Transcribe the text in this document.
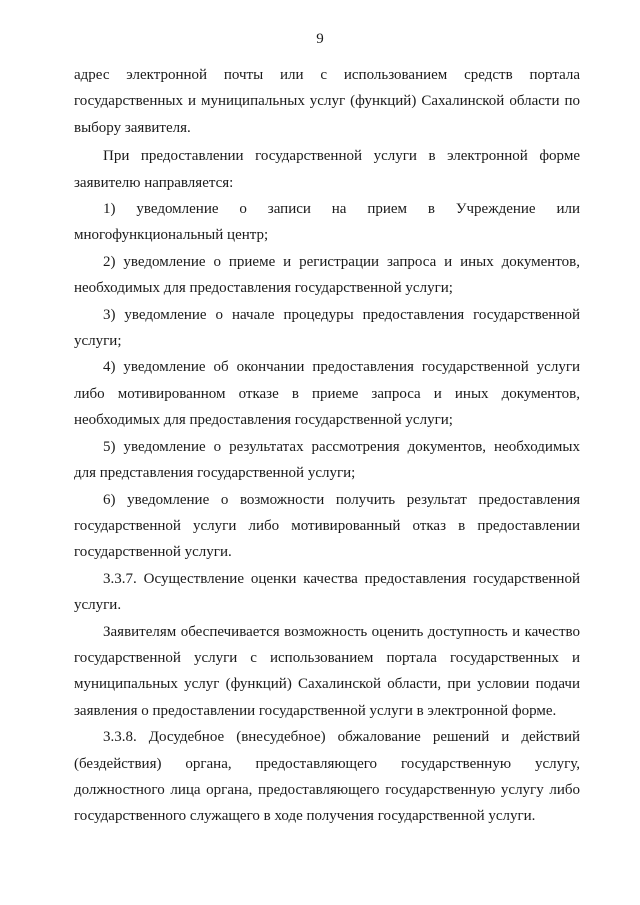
9

адрес электронной почты или с использованием средств портала государственных и муниципальных услуг (функций) Сахалинской области по выбору заявителя.

При предоставлении государственной услуги в электронной форме заявителю направляется:

1) уведомление о записи на прием в Учреждение или многофункциональный центр;

2) уведомление о приеме и регистрации запроса и иных документов, необходимых для предоставления государственной услуги;

3) уведомление о начале процедуры предоставления государственной услуги;

4) уведомление об окончании предоставления государственной услуги либо мотивированном отказе в приеме запроса и иных документов, необходимых для предоставления государственной услуги;

5) уведомление о результатах рассмотрения документов, необходимых для представления государственной услуги;

6) уведомление о возможности получить результат предоставления государственной услуги либо мотивированный отказ в предоставлении государственной услуги.

3.3.7. Осуществление оценки качества предоставления государственной услуги.

Заявителям обеспечивается возможность оценить доступность и качество государственной услуги с использованием портала государственных и муниципальных услуг (функций) Сахалинской области, при условии подачи заявления о предоставлении государственной услуги в электронной форме.

3.3.8. Досудебное (внесудебное) обжалование решений и действий (бездействия) органа, предоставляющего государственную услугу, должностного лица органа, предоставляющего государственную услугу либо государственного служащего в ходе получения государственной услуги.
